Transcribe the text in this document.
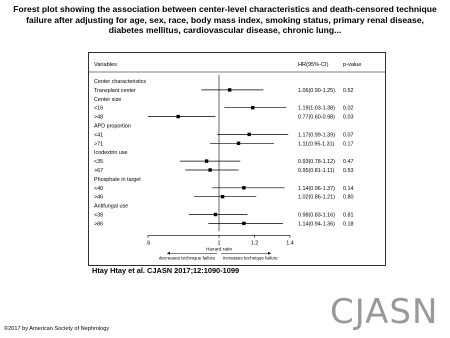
Forest plot showing the association between center-level characteristics and death-censored technique failure after adjusting for age, sex, race, body mass index, smoking status, primary renal disease, diabetes mellitus, cardiovascular disease, chronic lung...
Variables	HR(95%-CI)	p-value
Center characteristics
Transplant center	1.06(0.90-1.25) 0.52
Center size
<16	1.19(1.03-1.38) 0.02
>48	0.77(0.60-0.98) 0.03
APD proportion
<41	1.17(0.99-1.39) 0.07
>71	1.11(0.95-1.31) 0.17
Icodextrin use
<35	0.93(0.78-1.12) 0.47
>67	0.95(0.81-1.11) 0.53
Phosphate in target
<40	1.14(0.96-1.37) 0.14
>46	1.02(0.86-1.21) 0.80
Antifungal use
<38	0.98(0.83-1.16) 0.81
>86	1.14(0.94-1.36) 0.18
.6	1	1.2	1.4
Hazard ratio
decreases technique failure increases technique failure
Htay Htay et al. CJASN 2017;12:1090-1099
CJASN
©2017 by American Society of Nephrology
